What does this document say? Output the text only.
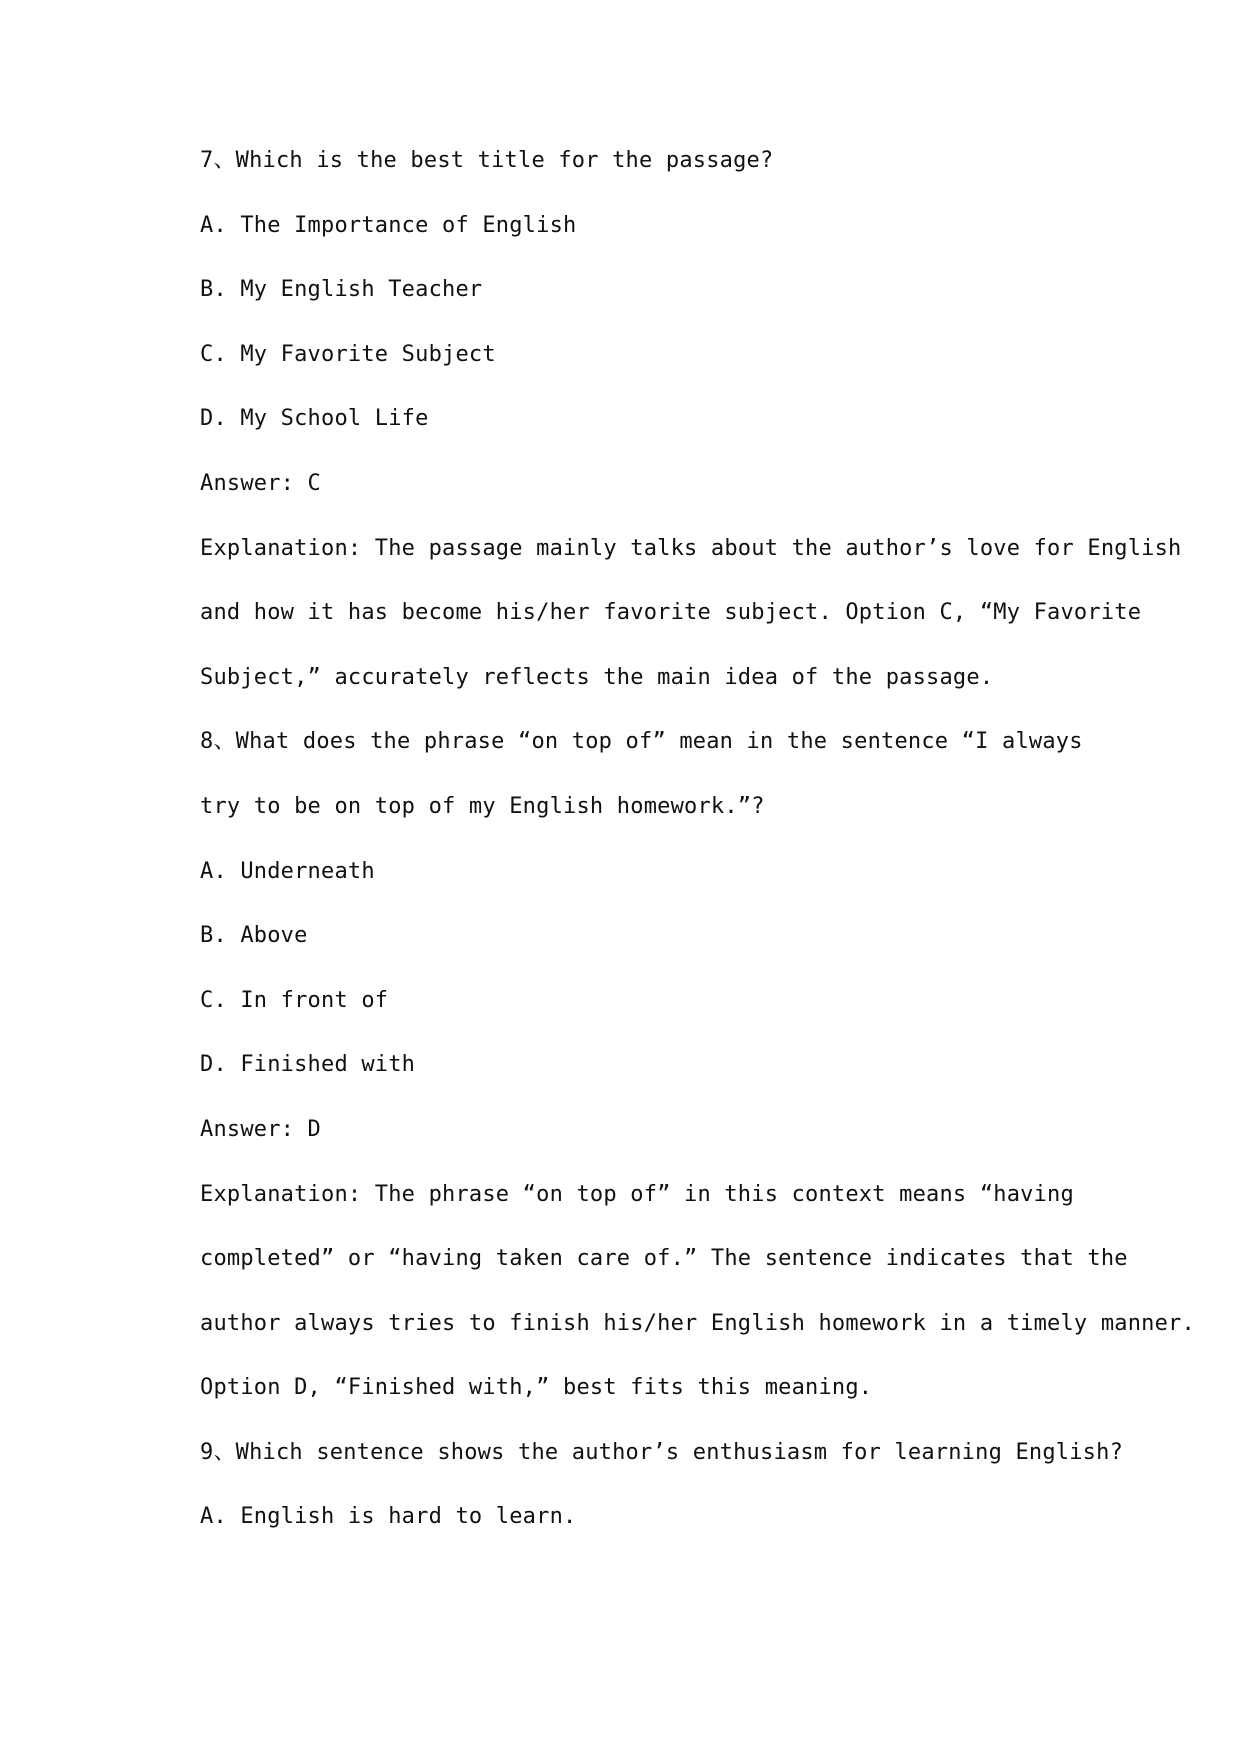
7、Which is the best title for the passage?
A. The Importance of English
B. My English Teacher
C. My Favorite Subject
D. My School Life
Answer: C
Explanation: The passage mainly talks about the author’s love for English
and how it has become his/her favorite subject. Option C, “My Favorite
Subject,” accurately reflects the main idea of the passage.
8、What does the phrase “on top of” mean in the sentence “I always
try to be on top of my English homework.”?
A. Underneath
B. Above
C. In front of
D. Finished with
Answer: D
Explanation: The phrase “on top of” in this context means “having
completed” or “having taken care of.” The sentence indicates that the
author always tries to finish his/her English homework in a timely manner.
Option D, “Finished with,” best fits this meaning.
9、Which sentence shows the author’s enthusiasm for learning English?
A. English is hard to learn.
